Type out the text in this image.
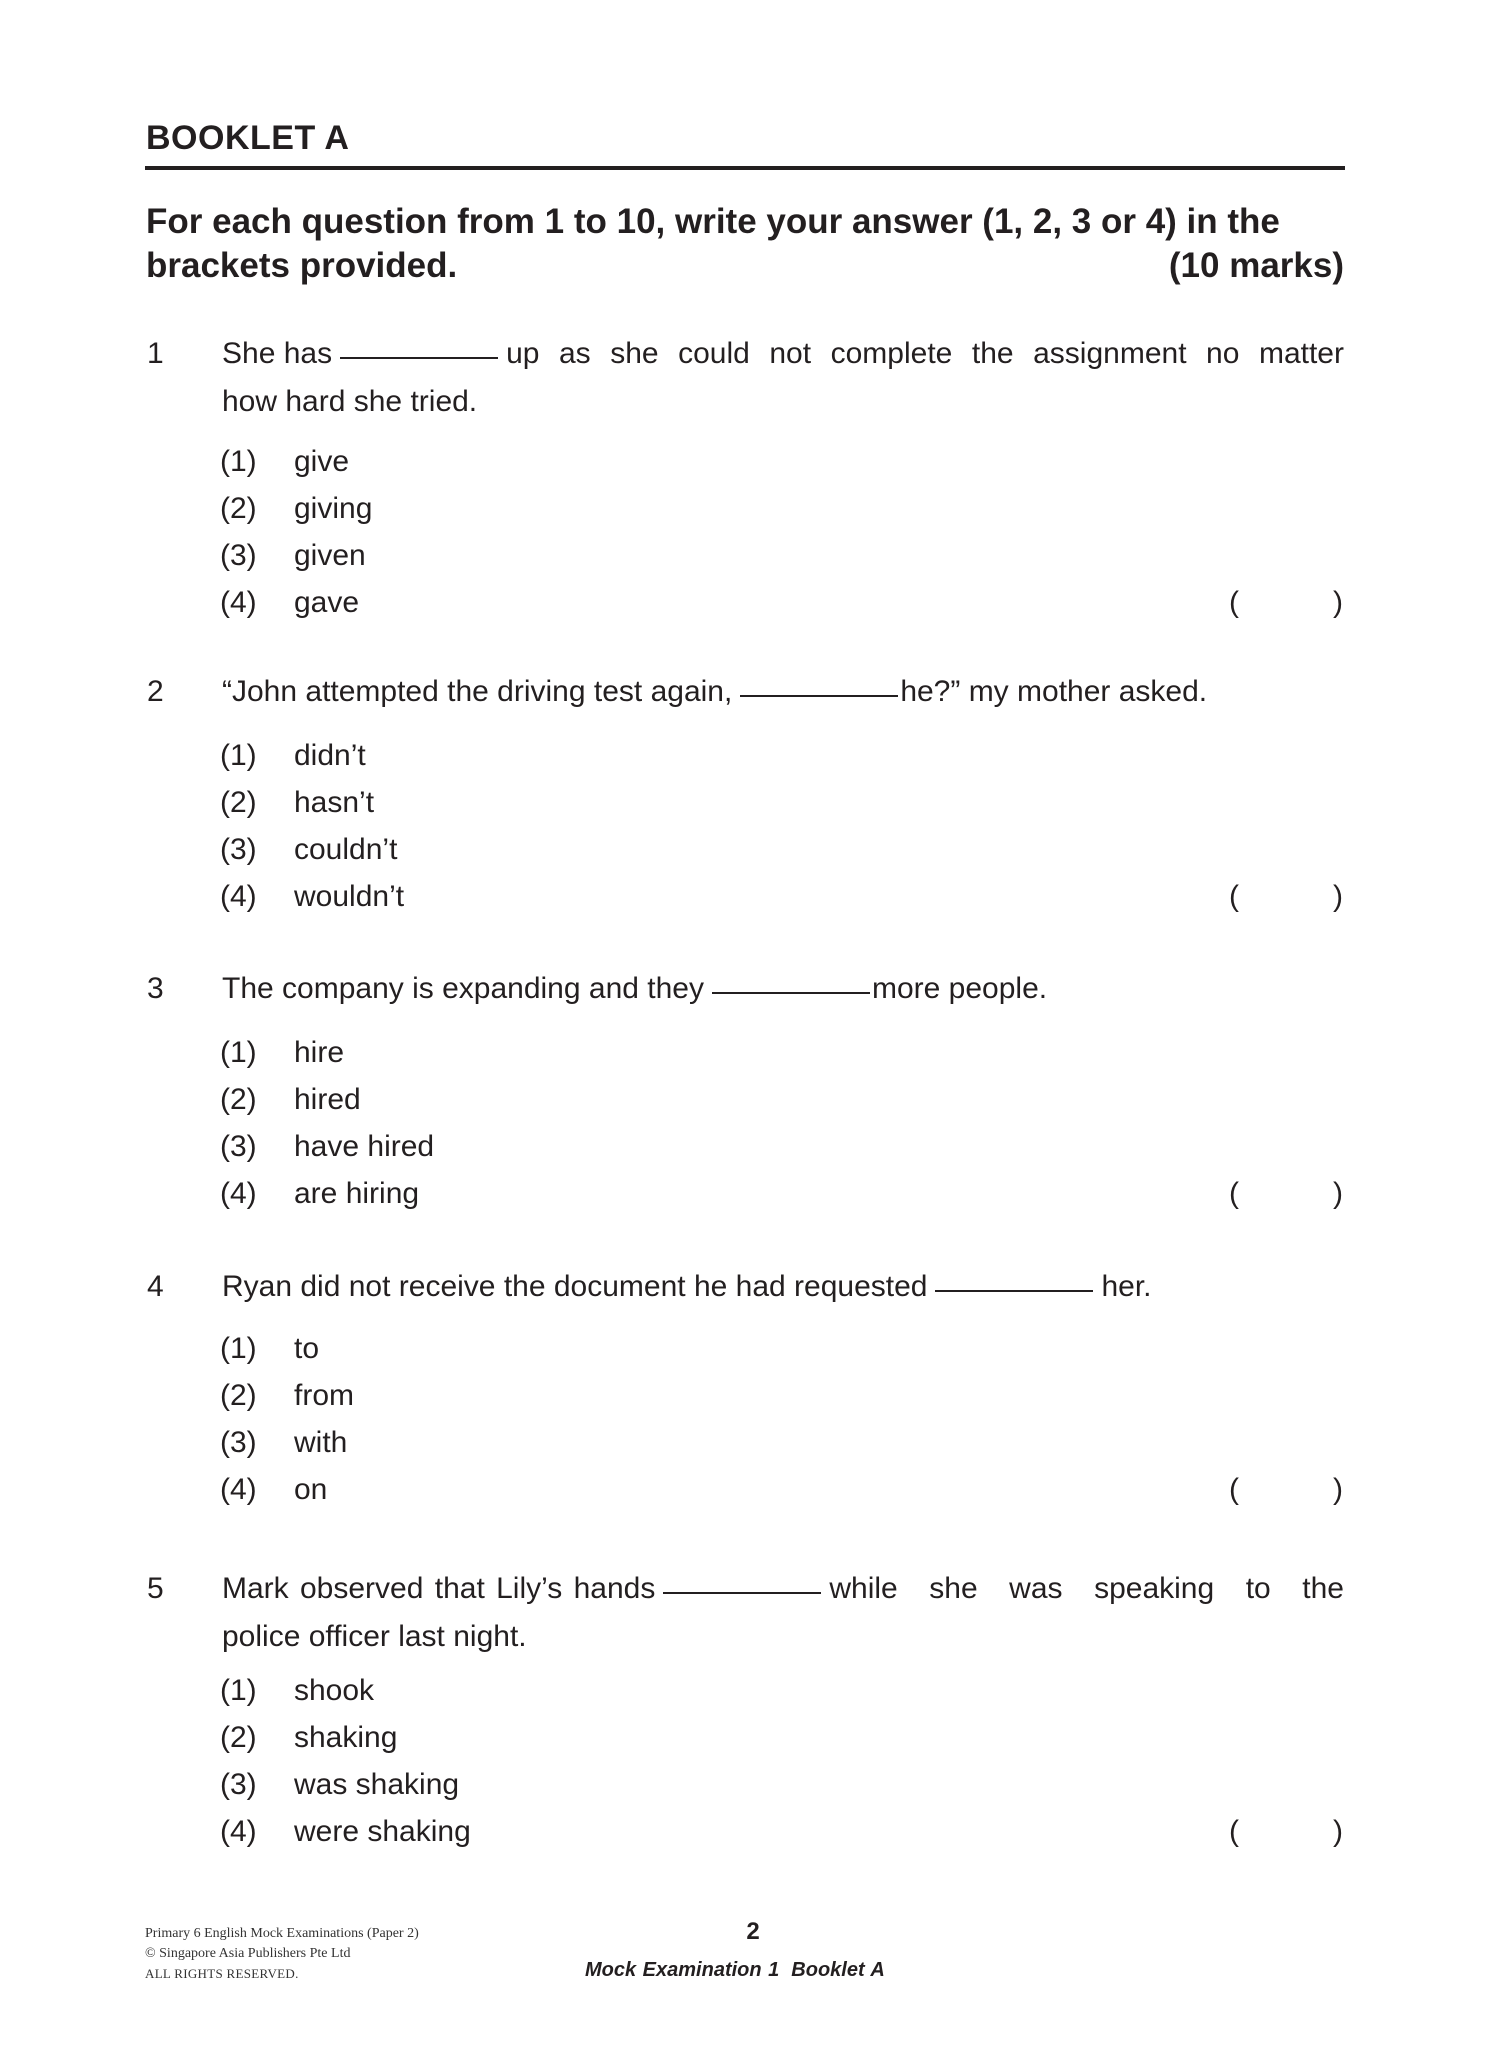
BOOKLET A
For each question from 1 to 10, write your answer (1, 2, 3 or 4) in the
brackets provided.	(10 marks)
1 She has	up as she could not complete the assignment no matter
how hard she tried.
(1) give
(2) giving
(3) given
(4) gave	(	)
2 “John attempted the driving test again,	he?” my mother asked.
(1) didn’t
(2) hasn’t
(3) couldn’t
(4) wouldn’t	(	)
3 The company is expanding and they	more people.
(1) hire
(2) hired
(3) have hired
(4) are hiring	(	)
4 Ryan did not receive the document he had requested	her.
(1) to
(2) from
(3) with
(4) on	(	)
5 Mark observed that Lily’s hands	while she was speaking to the
police officer last night.
(1) shook
(2) shaking
(3) was shaking
(4) were shaking	(	)
Primary 6 English Mock Examinations (Paper 2)
© Singapore Asia Publishers Pte Ltd
ALL RIGHTS RESERVED.
2
Mock Examination 1 Booklet A
